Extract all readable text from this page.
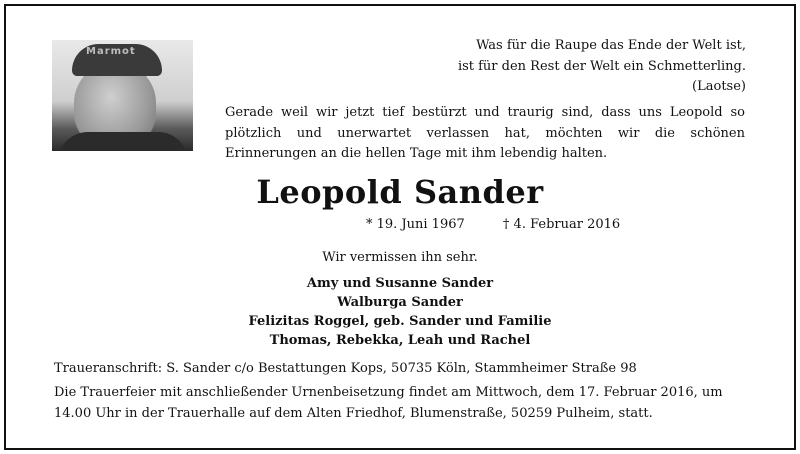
Marmot	Was für die Raupe das Ende der Welt ist,
ist für den Rest der Welt ein Schmetterling.
(Laotse)
Gerade weil wir jetzt tief bestürzt und traurig sind, dass uns Leopold so plötzlich und unerwartet verlassen hat, möchten wir die schönen Erinnerungen an die hellen Tage mit ihm lebendig halten.
Leopold Sander
* 19. Juni 1967	† 4. Februar 2016
Wir vermissen ihn sehr.
Amy und Susanne Sander
Walburga Sander
Felizitas Roggel, geb. Sander und Familie
Thomas, Rebekka, Leah und Rachel
Traueranschrift: S. Sander c/o Bestattungen Kops, 50735 Köln, Stammheimer Straße 98
Die Trauerfeier mit anschließender Urnenbeisetzung findet am Mittwoch, dem 17. Februar 2016, um 14.00 Uhr in der Trauerhalle auf dem Alten Friedhof, Blumenstraße, 50259 Pulheim, statt.
